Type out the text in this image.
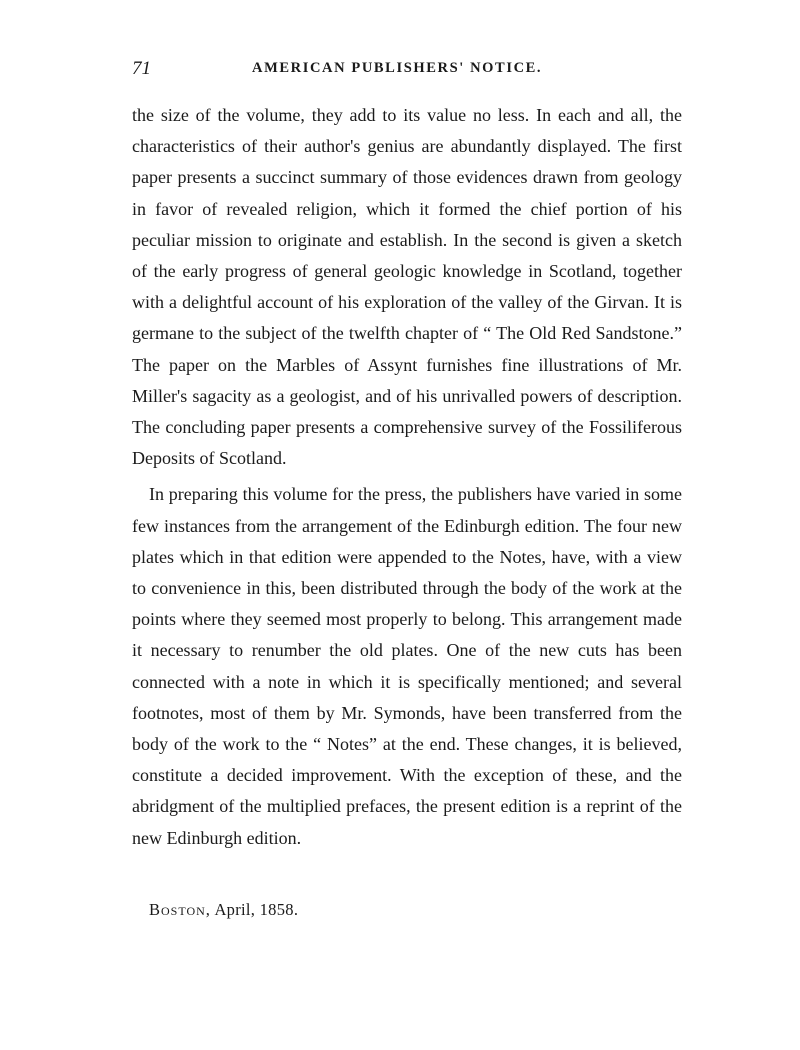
71	AMERICAN PUBLISHERS' NOTICE.

the size of the volume, they add to its value no less. In each and all, the characteristics of their author's genius are abundantly displayed. The first paper presents a succinct summary of those evidences drawn from geology in favor of revealed religion, which it formed the chief portion of his peculiar mission to originate and establish. In the second is given a sketch of the early progress of general geologic knowledge in Scotland, together with a delightful account of his exploration of the valley of the Girvan. It is germane to the subject of the twelfth chapter of “ The Old Red Sandstone.” The paper on the Marbles of Assynt furnishes fine illustrations of Mr. Miller's sagacity as a geologist, and of his unrivalled powers of description. The concluding paper presents a comprehensive survey of the Fossiliferous Deposits of Scotland.

In preparing this volume for the press, the publishers have varied in some few instances from the arrangement of the Edinburgh edition. The four new plates which in that edition were appended to the Notes, have, with a view to convenience in this, been distributed through the body of the work at the points where they seemed most properly to belong. This arrangement made it necessary to renumber the old plates. One of the new cuts has been connected with a note in which it is specifically mentioned; and several footnotes, most of them by Mr. Symonds, have been transferred from the body of the work to the “ Notes” at the end. These changes, it is believed, constitute a decided improvement. With the exception of these, and the abridgment of the multiplied prefaces, the present edition is a reprint of the new Edinburgh edition.

Boston, April, 1858.
